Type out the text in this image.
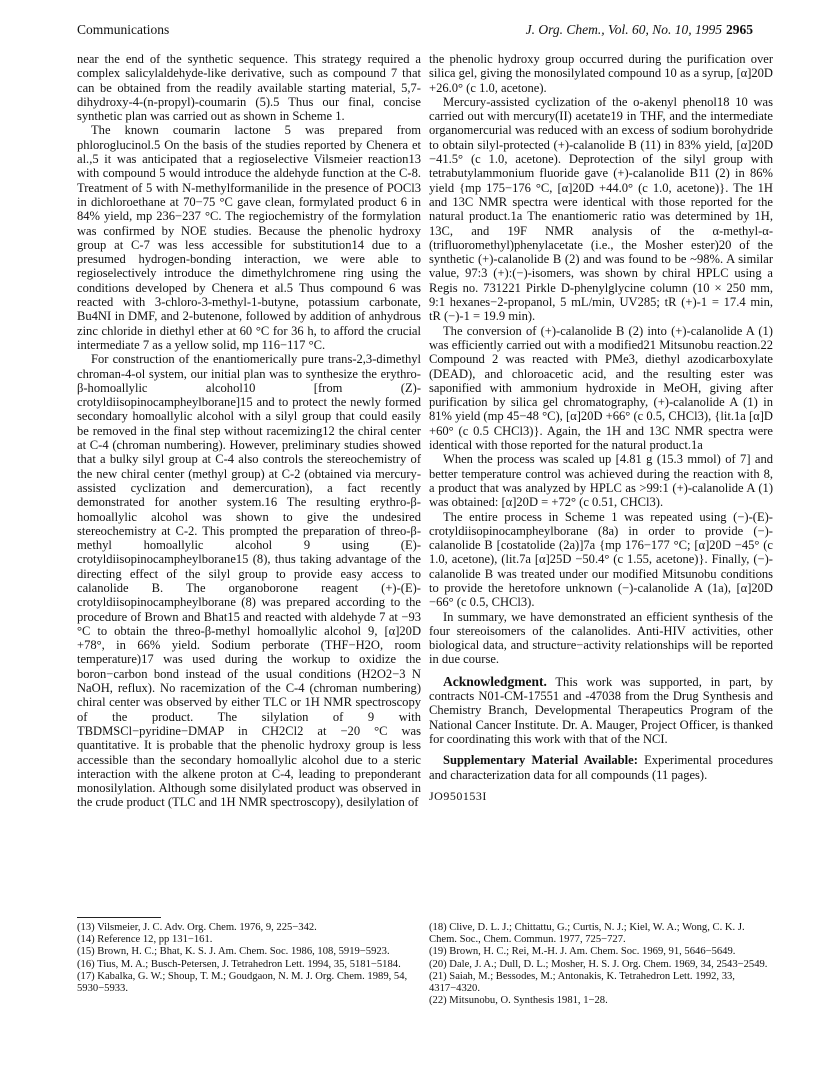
Communications	J. Org. Chem., Vol. 60, No. 10, 1995 2965

near the end of the synthetic sequence. This strategy required a complex salicylaldehyde-like derivative, such as compound 7 that can be obtained from the readily available starting material, 5,7-dihydroxy-4-(n-propyl)-coumarin (5).5 Thus our final, concise synthetic plan was carried out as shown in Scheme 1.

The known coumarin lactone 5 was prepared from phloroglucinol.5 On the basis of the studies reported by Chenera et al.,5 it was anticipated that a regioselective Vilsmeier reaction13 with compound 5 would introduce the aldehyde function at the C-8. Treatment of 5 with N-methylformanilide in the presence of POCl3 in dichloroethane at 70−75 °C gave clean, formylated product 6 in 84% yield, mp 236−237 °C. The regiochemistry of the formylation was confirmed by NOE studies. Because the phenolic hydroxy group at C-7 was less accessible for substitution14 due to a presumed hydrogen-bonding interaction, we were able to regioselectively introduce the dimethylchromene ring using the conditions developed by Chenera et al.5 Thus compound 6 was reacted with 3-chloro-3-methyl-1-butyne, potassium carbonate, Bu4NI in DMF, and 2-butenone, followed by addition of anhydrous zinc chloride in diethyl ether at 60 °C for 36 h, to afford the crucial intermediate 7 as a yellow solid, mp 116−117 °C.

For construction of the enantiomerically pure trans-2,3-dimethyl chroman-4-ol system, our initial plan was to synthesize the erythro-β-homoallylic alcohol10 [from (Z)-crotyldiisopinocampheylborane]15 and to protect the newly formed secondary homoallylic alcohol with a silyl group that could easily be removed in the final step without racemizing12 the chiral center at C-4 (chroman numbering). However, preliminary studies showed that a bulky silyl group at C-4 also controls the stereochemistry of the new chiral center (methyl group) at C-2 (obtained via mercury-assisted cyclization and demercuration), a fact recently demonstrated for another system.16 The resulting erythro-β-homoallylic alcohol was shown to give the undesired stereochemistry at C-2. This prompted the preparation of threo-β-methyl homoallylic alcohol 9 using (E)-crotyldiisopinocampheylborane15 (8), thus taking advantage of the directing effect of the silyl group to provide easy access to calanolide B. The organoborone reagent (+)-(E)-crotyldiisopinocampheylborane (8) was prepared according to the procedure of Brown and Bhat15 and reacted with aldehyde 7 at −93 °C to obtain the threo-β-methyl homoallylic alcohol 9, [α]20D +78°, in 66% yield. Sodium perborate (THF−H2O, room temperature)17 was used during the workup to oxidize the boron−carbon bond instead of the usual conditions (H2O2−3 N NaOH, reflux). No racemization of the C-4 (chroman numbering) chiral center was observed by either TLC or 1H NMR spectroscopy of the product. The silylation of 9 with TBDMSCl−pyridine−DMAP in CH2Cl2 at −20 °C was quantitative. It is probable that the phenolic hydroxy group is less accessible than the secondary homoallylic alcohol due to a steric interaction with the alkene proton at C-4, leading to preponderant monosilylation. Although some disilylated product was observed in the crude product (TLC and 1H NMR spectroscopy), desilylation of

the phenolic hydroxy group occurred during the purification over silica gel, giving the monosilylated compound 10 as a syrup, [α]20D +26.0° (c 1.0, acetone).

Mercury-assisted cyclization of the o-akenyl phenol18 10 was carried out with mercury(II) acetate19 in THF, and the intermediate organomercurial was reduced with an excess of sodium borohydride to obtain silyl-protected (+)-calanolide B (11) in 83% yield, [α]20D −41.5° (c 1.0, acetone). Deprotection of the silyl group with tetrabutylammonium fluoride gave (+)-calanolide B11 (2) in 86% yield {mp 175−176 °C, [α]20D +44.0° (c 1.0, acetone)}. The 1H and 13C NMR spectra were identical with those reported for the natural product.1a The enantiomeric ratio was determined by 1H, 13C, and 19F NMR analysis of the α-methyl-α-(trifluoromethyl)phenylacetate (i.e., the Mosher ester)20 of the synthetic (+)-calanolide B (2) and was found to be ~98%. A similar value, 97:3 (+):(−)-isomers, was shown by chiral HPLC using a Regis no. 731221 Pirkle D-phenylglycine column (10 × 250 mm, 9:1 hexanes−2-propanol, 5 mL/min, UV285; tR (+)-1 = 17.4 min, tR (−)-1 = 19.9 min).

The conversion of (+)-calanolide B (2) into (+)-calanolide A (1) was efficiently carried out with a modified21 Mitsunobu reaction.22 Compound 2 was reacted with PMe3, diethyl azodicarboxylate (DEAD), and chloroacetic acid, and the resulting ester was saponified with ammonium hydroxide in MeOH, giving after purification by silica gel chromatography, (+)-calanolide A (1) in 81% yield (mp 45−48 °C), [α]20D +66° (c 0.5, CHCl3), {lit.1a [α]D +60° (c 0.5 CHCl3)}. Again, the 1H and 13C NMR spectra were identical with those reported for the natural product.1a

When the process was scaled up [4.81 g (15.3 mmol) of 7] and better temperature control was achieved during the reaction with 8, a product that was analyzed by HPLC as >99:1 (+)-calanolide A (1) was obtained: [α]20D = +72° (c 0.51, CHCl3).

The entire process in Scheme 1 was repeated using (−)-(E)-crotyldiisopinocampheylborane (8a) in order to provide (−)-calanolide B [costatolide (2a)]7a {mp 176−177 °C; [α]20D −45° (c 1.0, acetone), (lit.7a [α]25D −50.4° (c 1.55, acetone)}. Finally, (−)-calanolide B was treated under our modified Mitsunobu conditions to provide the heretofore unknown (−)-calanolide A (1a), [α]20D −66° (c 0.5, CHCl3).

In summary, we have demonstrated an efficient synthesis of the four stereoisomers of the calanolides. Anti-HIV activities, other biological data, and structure−activity relationships will be reported in due course.

Acknowledgment. This work was supported, in part, by contracts N01-CM-17551 and -47038 from the Drug Synthesis and Chemistry Branch, Developmental Therapeutics Program of the National Cancer Institute. Dr. A. Mauger, Project Officer, is thanked for coordinating this work with that of the NCI.

Supplementary Material Available: Experimental procedures and characterization data for all compounds (11 pages).

JO950153I
(13) Vilsmeier, J. C. Adv. Org. Chem. 1976, 9, 225−342.
(14) Reference 12, pp 131−161.
(15) Brown, H. C.; Bhat, K. S. J. Am. Chem. Soc. 1986, 108, 5919−5923.
(16) Tius, M. A.; Busch-Petersen, J. Tetrahedron Lett. 1994, 35, 5181−5184.
(17) Kabalka, G. W.; Shoup, T. M.; Goudgaon, N. M. J. Org. Chem. 1989, 54, 5930−5933.
(18) Clive, D. L. J.; Chittattu, G.; Curtis, N. J.; Kiel, W. A.; Wong, C. K. J. Chem. Soc., Chem. Commun. 1977, 725−727.
(19) Brown, H. C.; Rei, M.-H. J. Am. Chem. Soc. 1969, 91, 5646−5649.
(20) Dale, J. A.; Dull, D. L.; Mosher, H. S. J. Org. Chem. 1969, 34, 2543−2549.
(21) Saiah, M.; Bessodes, M.; Antonakis, K. Tetrahedron Lett. 1992, 33, 4317−4320.
(22) Mitsunobu, O. Synthesis 1981, 1−28.
